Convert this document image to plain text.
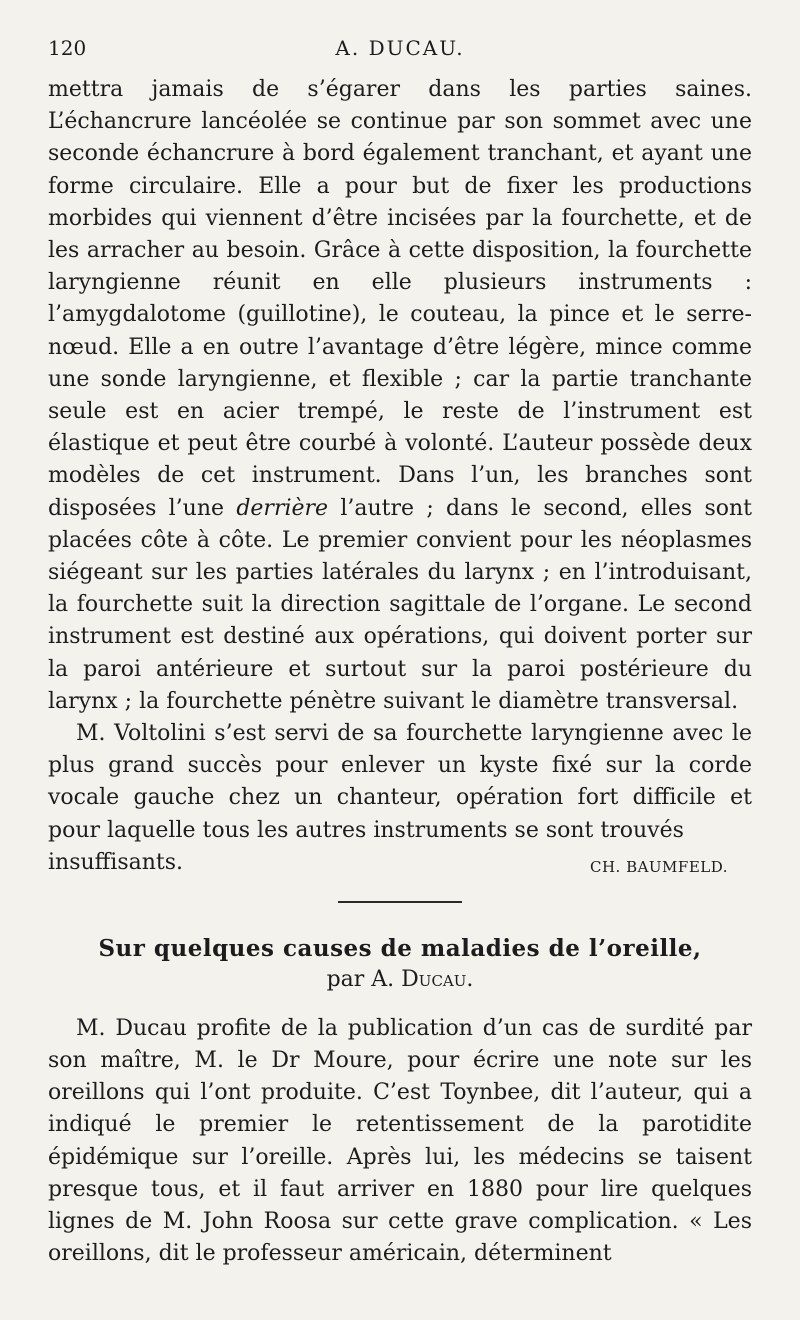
120	A. DUCAU.

mettra jamais de s’égarer dans les parties saines. L’échancrure lancéolée se continue par son sommet avec une seconde échancrure à bord également tranchant, et ayant une forme circulaire. Elle a pour but de fixer les productions morbides qui viennent d’être incisées par la fourchette, et de les arracher au besoin. Grâce à cette disposition, la fourchette laryngienne réunit en elle plusieurs instruments : l’amygdalotome (guillotine), le couteau, la pince et le serre-nœud. Elle a en outre l’avantage d’être légère, mince comme une sonde laryngienne, et flexible ; car la partie tranchante seule est en acier trempé, le reste de l’instrument est élastique et peut être courbé à volonté. L’auteur possède deux modèles de cet instrument. Dans l’un, les branches sont disposées l’une derrière l’autre ; dans le second, elles sont placées côte à côte. Le premier convient pour les néoplasmes siégeant sur les parties latérales du larynx ; en l’introduisant, la fourchette suit la direction sagittale de l’organe. Le second instrument est destiné aux opérations, qui doivent porter sur la paroi antérieure et surtout sur la paroi postérieure du larynx ; la fourchette pénètre suivant le diamètre transversal.

M. Voltolini s’est servi de sa fourchette laryngienne avec le plus grand succès pour enlever un kyste fixé sur la corde vocale gauche chez un chanteur, opération fort difficile et pour laquelle tous les autres instruments se sont trouvés

insuffisants.	CH. BAUMFELD.
Sur quelques causes de maladies de l’oreille,
par A. Ducau.

M. Ducau profite de la publication d’un cas de surdité par son maître, M. le Dr Moure, pour écrire une note sur les oreillons qui l’ont produite. C’est Toynbee, dit l’auteur, qui a indiqué le premier le retentissement de la parotidite épidémique sur l’oreille. Après lui, les médecins se taisent presque tous, et il faut arriver en 1880 pour lire quelques lignes de M. John Roosa sur cette grave complication. « Les oreillons, dit le professeur américain, déterminent
